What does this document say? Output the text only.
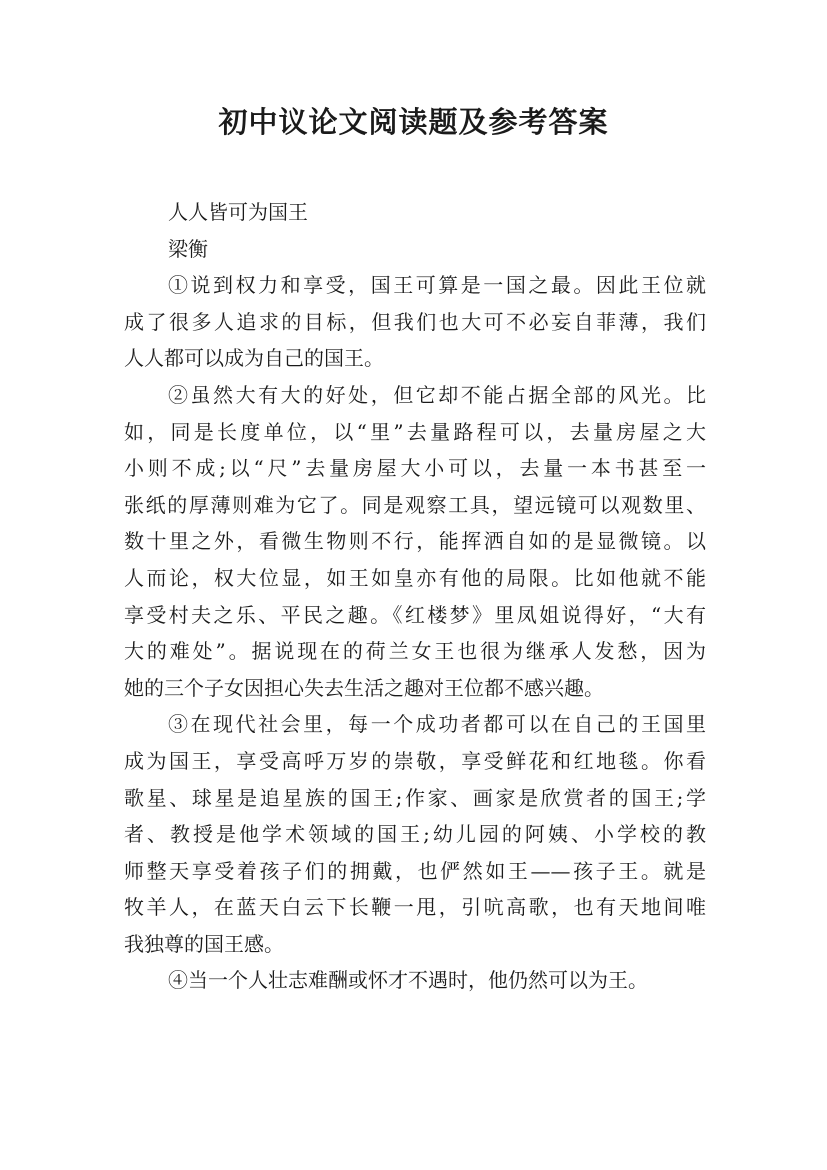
初中议论文阅读题及参考答案
人人皆可为国王
梁衡
①说到权力和享受，国王可算是一国之最。因此王位就
成了很多人追求的目标，但我们也大可不必妄自菲薄，我们
人人都可以成为自己的国王。
②虽然大有大的好处，但它却不能占据全部的风光。比
如，同是长度单位，以“里”去量路程可以，去量房屋之大
小则不成;以“尺”去量房屋大小可以，去量一本书甚至一
张纸的厚薄则难为它了。同是观察工具，望远镜可以观数里、
数十里之外，看微生物则不行，能挥洒自如的是显微镜。以
人而论，权大位显，如王如皇亦有他的局限。比如他就不能
享受村夫之乐、平民之趣。《红楼梦》里凤姐说得好，“大有
大的难处”。据说现在的荷兰女王也很为继承人发愁，因为
她的三个子女因担心失去生活之趣对王位都不感兴趣。
③在现代社会里，每一个成功者都可以在自己的王国里
成为国王，享受高呼万岁的崇敬，享受鲜花和红地毯。你看
歌星、球星是追星族的国王;作家、画家是欣赏者的国王;学
者、教授是他学术领域的国王;幼儿园的阿姨、小学校的教
师整天享受着孩子们的拥戴，也俨然如王——孩子王。就是
牧羊人，在蓝天白云下长鞭一甩，引吭高歌，也有天地间唯
我独尊的国王感。
④当一个人壮志难酬或怀才不遇时，他仍然可以为王。
